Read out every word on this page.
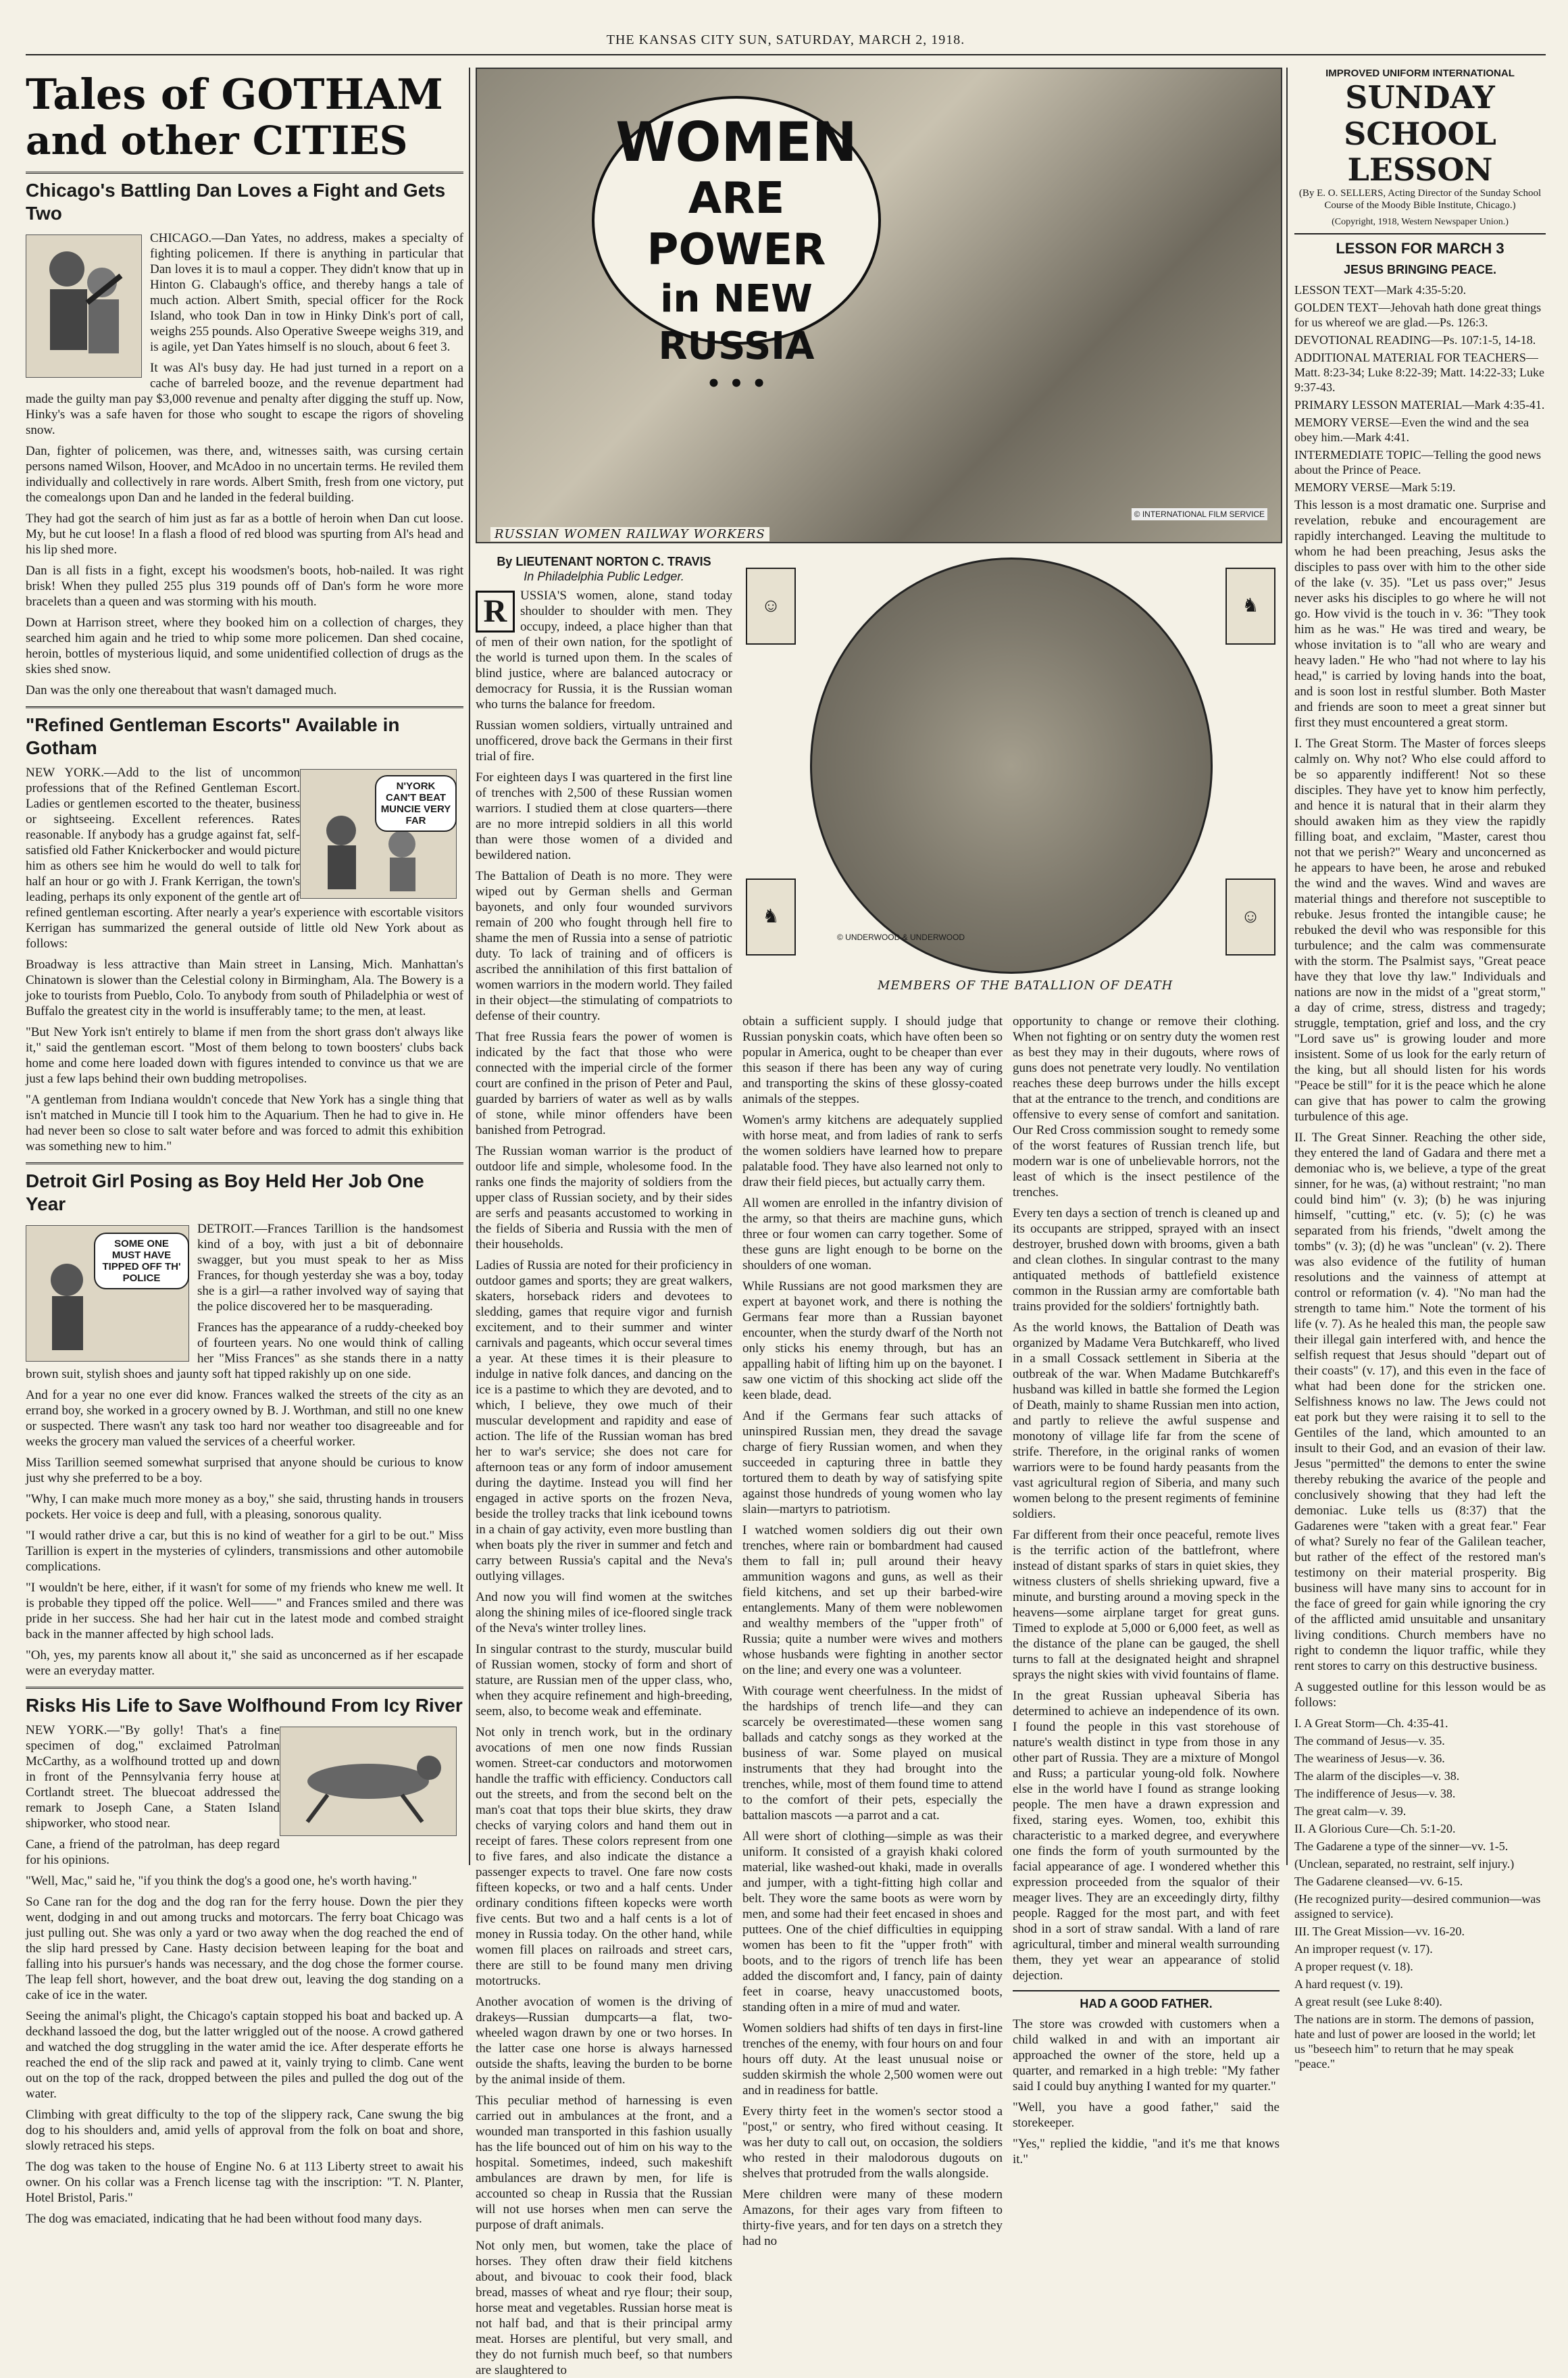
THE KANSAS CITY SUN, SATURDAY, MARCH 2, 1918.
Tales of GOTHAM
and other CITIES
Chicago's Battling Dan Loves a Fight and Gets Two

CHICAGO.—Dan Yates, no address, makes a specialty of fighting policemen. If there is anything in particular that Dan loves it is to maul a copper. They didn't know that up in Hinton G. Clabaugh's office, and thereby hangs a tale of much action. Albert Smith, special officer for the Rock Island, who took Dan in tow in Hinky Dink's port of call, weighs 255 pounds. Also Operative Sweepe weighs 319, and is agile, yet Dan Yates himself is no slouch, about 6 feet 3.

It was Al's busy day. He had just turned in a report on a cache of barreled booze, and the revenue department had made the guilty man pay $3,000 revenue and penalty after digging the stuff up. Now, Hinky's was a safe haven for those who sought to escape the rigors of shoveling snow.

Dan, fighter of policemen, was there, and, witnesses saith, was cursing certain persons named Wilson, Hoover, and McAdoo in no uncertain terms. He reviled them individually and collectively in rare words. Albert Smith, fresh from one victory, put the comealongs upon Dan and he landed in the federal building.

They had got the search of him just as far as a bottle of heroin when Dan cut loose. My, but he cut loose! In a flash a flood of red blood was spurting from Al's head and his lip shed more.

Dan is all fists in a fight, except his woodsmen's boots, hob-nailed. It was right brisk! When they pulled 255 plus 319 pounds off of Dan's form he wore more bracelets than a queen and was storming with his mouth.

Down at Harrison street, where they booked him on a collection of charges, they searched him again and he tried to whip some more policemen. Dan shed cocaine, heroin, bottles of mysterious liquid, and some unidentified collection of drugs as the skies shed snow.

Dan was the only one thereabout that wasn't damaged much.

"Refined Gentleman Escorts" Available in Gotham
N'YORK CAN'T BEAT MUNCIE VERY FAR

NEW YORK.—Add to the list of uncommon professions that of the Refined Gentleman Escort. Ladies or gentlemen escorted to the theater, business or sightseeing. Excellent references. Rates reasonable. If anybody has a grudge against fat, self-satisfied old Father Knickerbocker and would picture him as others see him he would do well to talk for half an hour or go with J. Frank Kerrigan, the town's leading, perhaps its only exponent of the gentle art of refined gentleman escorting. After nearly a year's experience with escortable visitors Kerrigan has summarized the general outside of little old New York about as follows:

Broadway is less attractive than Main street in Lansing, Mich. Manhattan's Chinatown is slower than the Celestial colony in Birmingham, Ala. The Bowery is a joke to tourists from Pueblo, Colo. To anybody from south of Philadelphia or west of Buffalo the greatest city in the world is insufferably tame; to the men, at least.

"But New York isn't entirely to blame if men from the short grass don't always like it," said the gentleman escort. "Most of them belong to town boosters' clubs back home and come here loaded down with figures intended to convince us that we are just a few laps behind their own budding metropolises.

"A gentleman from Indiana wouldn't concede that New York has a single thing that isn't matched in Muncie till I took him to the Aquarium. Then he had to give in. He had never been so close to salt water before and was forced to admit this exhibition was something new to him."

Detroit Girl Posing as Boy Held Her Job One Year
SOME ONE MUST HAVE TIPPED OFF TH' POLICE

DETROIT.—Frances Tarillion is the handsomest kind of a boy, with just a bit of debonnaire swagger, but you must speak to her as Miss Frances, for though yesterday she was a boy, today she is a girl—a rather involved way of saying that the police discovered her to be masquerading.

Frances has the appearance of a ruddy-cheeked boy of fourteen years. No one would think of calling her "Miss Frances" as she stands there in a natty brown suit, stylish shoes and jaunty soft hat tipped rakishly up on one side.

And for a year no one ever did know. Frances walked the streets of the city as an errand boy, she worked in a grocery owned by B. J. Worthman, and still no one knew or suspected. There wasn't any task too hard nor weather too disagreeable and for weeks the grocery man valued the services of a cheerful worker.

Miss Tarillion seemed somewhat surprised that anyone should be curious to know just why she preferred to be a boy.

"Why, I can make much more money as a boy," she said, thrusting hands in trousers pockets. Her voice is deep and full, with a pleasing, sonorous quality.

"I would rather drive a car, but this is no kind of weather for a girl to be out." Miss Tarillion is expert in the mysteries of cylinders, transmissions and other automobile complications.

"I wouldn't be here, either, if it wasn't for some of my friends who knew me well. It is probable they tipped off the police. Well——" and Frances smiled and there was pride in her success. She had her hair cut in the latest mode and combed straight back in the manner affected by high school lads.

"Oh, yes, my parents know all about it," she said as unconcerned as if her escapade were an everyday matter.

Risks His Life to Save Wolfhound From Icy River

NEW YORK.—"By golly! That's a fine specimen of dog," exclaimed Patrolman McCarthy, as a wolfhound trotted up and down in front of the Pennsylvania ferry house at Cortlandt street. The bluecoat addressed the remark to Joseph Cane, a Staten Island shipworker, who stood near.

Cane, a friend of the patrolman, has deep regard for his opinions.

"Well, Mac," said he, "if you think the dog's a good one, he's worth having."

So Cane ran for the dog and the dog ran for the ferry house. Down the pier they went, dodging in and out among trucks and motorcars. The ferry boat Chicago was just pulling out. She was only a yard or two away when the dog reached the end of the slip hard pressed by Cane. Hasty decision between leaping for the boat and falling into his pursuer's hands was necessary, and the dog chose the former course. The leap fell short, however, and the boat drew out, leaving the dog standing on a cake of ice in the water.

Seeing the animal's plight, the Chicago's captain stopped his boat and backed up. A deckhand lassoed the dog, but the latter wriggled out of the noose. A crowd gathered and watched the dog struggling in the water amid the ice. After desperate efforts he reached the end of the slip rack and pawed at it, vainly trying to climb. Cane went out on the top of the rack, dropped between the piles and pulled the dog out of the water.

Climbing with great difficulty to the top of the slippery rack, Cane swung the big dog to his shoulders and, amid yells of approval from the folk on boat and shore, slowly retraced his steps.

The dog was taken to the house of Engine No. 6 at 113 Liberty street to await his owner. On his collar was a French license tag with the inscription: "T. N. Planter, Hotel Bristol, Paris."

The dog was emaciated, indicating that he had been without food many days.

WOMEN
ARE POWER
in NEW RUSSIA
• • •
RUSSIAN WOMEN RAILWAY WORKERS
© INTERNATIONAL FILM SERVICE
By LIEUTENANT NORTON C. TRAVIS
In Philadelphia Public Ledger.
R	USSIA'S women, alone, stand today shoulder to shoulder with men. They occupy, indeed, a place higher than that of men of their own nation, for the spotlight of the world is turned upon them. In the scales of blind justice, where are balanced autocracy or democracy for Russia, it is the Russian woman who turns the balance for freedom.

Russian women soldiers, virtually untrained and unofficered, drove back the Germans in their first trial of fire.

For eighteen days I was quartered in the first line of trenches with 2,500 of these Russian women warriors. I studied them at close quarters—there are no more intrepid soldiers in all this world than were those women of a divided and bewildered nation.

The Battalion of Death is no more. They were wiped out by German shells and German bayonets, and only four wounded survivors remain of 200 who fought through hell fire to shame the men of Russia into a sense of patriotic duty. To lack of training and of officers is ascribed the annihilation of this first battalion of women warriors in the modern world. They failed in their object—the stimulating of compatriots to defense of their country.

That free Russia fears the power of women is indicated by the fact that those who were connected with the imperial circle of the former court are confined in the prison of Peter and Paul, guarded by barriers of water as well as by walls of stone, while minor offenders have been banished from Petrograd.

The Russian woman warrior is the product of outdoor life and simple, wholesome food. In the ranks one finds the majority of soldiers from the upper class of Russian society, and by their sides are serfs and peasants accustomed to working in the fields of Siberia and Russia with the men of their households.

Ladies of Russia are noted for their proficiency in outdoor games and sports; they are great walkers, skaters, horseback riders and devotees to sledding, games that require vigor and furnish excitement, and to their summer and winter carnivals and pageants, which occur several times a year. At these times it is their pleasure to indulge in native folk dances, and dancing on the ice is a pastime to which they are devoted, and to which, I believe, they owe much of their muscular development and rapidity and ease of action. The life of the Russian woman has bred her to war's service; she does not care for afternoon teas or any form of indoor amusement during the daytime. Instead you will find her engaged in active sports on the frozen Neva, beside the trolley tracks that link icebound towns in a chain of gay activity, even more bustling than when boats ply the river in summer and fetch and carry between Russia's capital and the Neva's outlying villages.

And now you will find women at the switches along the shining miles of ice-floored single track of the Neva's winter trolley lines.

In singular contrast to the sturdy, muscular build of Russian women, stocky of form and short of stature, are Russian men of the upper class, who, when they acquire refinement and high-breeding, seem, also, to become weak and effeminate.

Not only in trench work, but in the ordinary avocations of men one now finds Russian women. Street-car conductors and motorwomen handle the traffic with efficiency. Conductors call out the streets, and from the second belt on the man's coat that tops their blue skirts, they draw checks of varying colors and hand them out in receipt of fares. These colors represent from one to five fares, and also indicate the distance a passenger expects to travel. One fare now costs fifteen kopecks, or two and a half cents. Under ordinary conditions fifteen kopecks were worth five cents. But two and a half cents is a lot of money in Russia today. On the other hand, while women fill places on railroads and street cars, there are still to be found many men driving motortrucks.

Another avocation of women is the driving of drakeys—Russian dumpcarts—a flat, two-wheeled wagon drawn by one or two horses. In the latter case one horse is always harnessed outside the shafts, leaving the burden to be borne by the animal inside of them.

This peculiar method of harnessing is even carried out in ambulances at the front, and a wounded man transported in this fashion usually has the life bounced out of him on his way to the hospital. Sometimes, indeed, such makeshift ambulances are drawn by men, for life is accounted so cheap in Russia that the Russian will not use horses when men can serve the purpose of draft animals.

Not only men, but women, take the place of horses. They often draw their field kitchens about, and bivouac to cook their food, black bread, masses of wheat and rye flour; their soup, horse meat and vegetables. Russian horse meat is not half bad, and that is their principal army meat. Horses are plentiful, but very small, and they do not furnish much beef, so that numbers are slaughtered to

☺	♞
♞	☺
MEMBERS OF THE BATALLION OF DEATH
© UNDERWOOD & UNDERWOOD

obtain a sufficient supply. I should judge that Russian ponyskin coats, which have often been so popular in America, ought to be cheaper than ever this season if there has been any way of curing and transporting the skins of these glossy-coated animals of the steppes.

Women's army kitchens are adequately supplied with horse meat, and from ladies of rank to serfs the women soldiers have learned how to prepare palatable food. They have also learned not only to draw their field pieces, but actually carry them.

All women are enrolled in the infantry division of the army, so that theirs are machine guns, which three or four women can carry together. Some of these guns are light enough to be borne on the shoulders of one woman.

While Russians are not good marksmen they are expert at bayonet work, and there is nothing the Germans fear more than a Russian bayonet encounter, when the sturdy dwarf of the North not only sticks his enemy through, but has an appalling habit of lifting him up on the bayonet. I saw one victim of this shocking act slide off the keen blade, dead.

And if the Germans fear such attacks of uninspired Russian men, they dread the savage charge of fiery Russian women, and when they succeeded in capturing three in battle they tortured them to death by way of satisfying spite against those hundreds of young women who lay slain—martyrs to patriotism.

I watched women soldiers dig out their own trenches, where rain or bombardment had caused them to fall in; pull around their heavy ammunition wagons and guns, as well as their field kitchens, and set up their barbed-wire entanglements. Many of them were noblewomen and wealthy members of the "upper froth" of Russia; quite a number were wives and mothers whose husbands were fighting in another sector on the line; and every one was a volunteer.

With courage went cheerfulness. In the midst of the hardships of trench life—and they can scarcely be overestimated—these women sang ballads and catchy songs as they worked at the business of war. Some played on musical instruments that they had brought into the trenches, while, most of them found time to attend to the comfort of their pets, especially the battalion mascots —a parrot and a cat.

All were short of clothing—simple as was their uniform. It consisted of a grayish khaki colored material, like washed-out khaki, made in overalls and jumper, with a tight-fitting high collar and belt. They wore the same boots as were worn by men, and some had their feet encased in shoes and puttees. One of the chief difficulties in equipping women has been to fit the "upper froth" with boots, and to the rigors of trench life has been added the discomfort and, I fancy, pain of dainty feet in coarse, heavy unaccustomed boots, standing often in a mire of mud and water.

Women soldiers had shifts of ten days in first-line trenches of the enemy, with four hours on and four hours off duty. At the least unusual noise or sudden skirmish the whole 2,500 women were out and in readiness for battle.

Every thirty feet in the women's sector stood a "post," or sentry, who fired without ceasing. It was her duty to call out, on occasion, the soldiers who rested in their malodorous dugouts on shelves that protruded from the walls alongside.

Mere children were many of these modern Amazons, for their ages vary from fifteen to thirty-five years, and for ten days on a stretch they had no

opportunity to change or remove their clothing. When not fighting or on sentry duty the women rest as best they may in their dugouts, where rows of guns does not penetrate very loudly. No ventilation reaches these deep burrows under the hills except that at the entrance to the trench, and conditions are offensive to every sense of comfort and sanitation. Our Red Cross commission sought to remedy some of the worst features of Russian trench life, but modern war is one of unbelievable horrors, not the least of which is the insect pestilence of the trenches.

Every ten days a section of trench is cleaned up and its occupants are stripped, sprayed with an insect destroyer, brushed down with brooms, given a bath and clean clothes. In singular contrast to the many antiquated methods of battlefield existence common in the Russian army are comfortable bath trains provided for the soldiers' fortnightly bath.

As the world knows, the Battalion of Death was organized by Madame Vera Butchkareff, who lived in a small Cossack settlement in Siberia at the outbreak of the war. When Madame Butchkareff's husband was killed in battle she formed the Legion of Death, mainly to shame Russian men into action, and partly to relieve the awful suspense and monotony of village life far from the scene of strife. Therefore, in the original ranks of women warriors were to be found hardy peasants from the vast agricultural region of Siberia, and many such women belong to the present regiments of feminine soldiers.

Far different from their once peaceful, remote lives is the terrific action of the battlefront, where instead of distant sparks of stars in quiet skies, they witness clusters of shells shrieking upward, five a minute, and bursting around a moving speck in the heavens—some airplane target for great guns. Timed to explode at 5,000 or 6,000 feet, as well as the distance of the plane can be gauged, the shell turns to fall at the designated height and shrapnel sprays the night skies with vivid fountains of flame.

In the great Russian upheaval Siberia has determined to achieve an independence of its own. I found the people in this vast storehouse of nature's wealth distinct in type from those in any other part of Russia. They are a mixture of Mongol and Russ; a particular young-old folk. Nowhere else in the world have I found as strange looking people. The men have a drawn expression and fixed, staring eyes. Women, too, exhibit this characteristic to a marked degree, and everywhere one finds the form of youth surmounted by the facial appearance of age. I wondered whether this expression proceeded from the squalor of their meager lives. They are an exceedingly dirty, filthy people. Ragged for the most part, and with feet shod in a sort of straw sandal. With a land of rare agricultural, timber and mineral wealth surrounding them, they yet wear an appearance of stolid dejection.

HAD A GOOD FATHER.

The store was crowded with customers when a child walked in and with an important air approached the owner of the store, held up a quarter, and remarked in a high treble: "My father said I could buy anything I wanted for my quarter."

"Well, you have a good father," said the storekeeper.

"Yes," replied the kiddie, "and it's me that knows it."

IMPROVED UNIFORM INTERNATIONAL
SUNDAY SCHOOL
LESSON

(By E. O. SELLERS, Acting Director of the Sunday School Course of the Moody Bible Institute, Chicago.)

(Copyright, 1918, Western Newspaper Union.)

LESSON FOR MARCH 3
JESUS BRINGING PEACE.

LESSON TEXT—Mark 4:35-5:20.

GOLDEN TEXT—Jehovah hath done great things for us whereof we are glad.—Ps. 126:3.

DEVOTIONAL READING—Ps. 107:1-5, 14-18.

ADDITIONAL MATERIAL FOR TEACHERS—Matt. 8:23-34; Luke 8:22-39; Matt. 14:22-33; Luke 9:37-43.

PRIMARY LESSON MATERIAL—Mark 4:35-41.

MEMORY VERSE—Even the wind and the sea obey him.—Mark 4:41.

INTERMEDIATE TOPIC—Telling the good news about the Prince of Peace.

MEMORY VERSE—Mark 5:19.

This lesson is a most dramatic one. Surprise and revelation, rebuke and encouragement are rapidly interchanged. Leaving the multitude to whom he had been preaching, Jesus asks the disciples to pass over with him to the other side of the lake (v. 35). "Let us pass over;" Jesus never asks his disciples to go where he will not go. How vivid is the touch in v. 36: "They took him as he was." He was tired and weary, be whose invitation is to "all who are weary and heavy laden." He who "had not where to lay his head," is carried by loving hands into the boat, and is soon lost in restful slumber. Both Master and friends are soon to meet a great sinner but first they must encountered a great storm.

I. The Great Storm. The Master of forces sleeps calmly on. Why not? Who else could afford to be so apparently indifferent! Not so these disciples. They have yet to know him perfectly, and hence it is natural that in their alarm they should awaken him as they view the rapidly filling boat, and exclaim, "Master, carest thou not that we perish?" Weary and unconcerned as he appears to have been, he arose and rebuked the wind and the waves. Wind and waves are material things and therefore not susceptible to rebuke. Jesus fronted the intangible cause; he rebuked the devil who was responsible for this turbulence; and the calm was commensurate with the storm. The Psalmist says, "Great peace have they that love thy law." Individuals and nations are now in the midst of a "great storm," a day of crime, stress, distress and tragedy; struggle, temptation, grief and loss, and the cry "Lord save us" is growing louder and more insistent. Some of us look for the early return of the king, but all should listen for his words "Peace be still" for it is the peace which he alone can give that has power to calm the growing turbulence of this age.

II. The Great Sinner. Reaching the other side, they entered the land of Gadara and there met a demoniac who is, we believe, a type of the great sinner, for he was, (a) without restraint; "no man could bind him" (v. 3); (b) he was injuring himself, "cutting," etc. (v. 5); (c) he was separated from his friends, "dwelt among the tombs" (v. 3); (d) he was "unclean" (v. 2). There was also evidence of the futility of human resolutions and the vainness of attempt at control or reformation (v. 4). "No man had the strength to tame him." Note the torment of his life (v. 7). As he healed this man, the people saw their illegal gain interfered with, and hence the selfish request that Jesus should "depart out of their coasts" (v. 17), and this even in the face of what had been done for the stricken one. Selfishness knows no law. The Jews could not eat pork but they were raising it to sell to the Gentiles of the land, which amounted to an insult to their God, and an evasion of their law. Jesus "permitted" the demons to enter the swine thereby rebuking the avarice of the people and conclusively showing that they had left the demoniac. Luke tells us (8:37) that the Gadarenes were "taken with a great fear." Fear of what? Surely no fear of the Galilean teacher, but rather of the effect of the restored man's testimony on their material prosperity. Big business will have many sins to account for in the face of greed for gain while ignoring the cry of the afflicted amid unsuitable and unsanitary living conditions. Church members have no right to condemn the liquor traffic, while they rent stores to carry on this destructive business.

A suggested outline for this lesson would be as follows:

I. A Great Storm—Ch. 4:35-41.

The command of Jesus—v. 35.

The weariness of Jesus—v. 36.

The alarm of the disciples—v. 38.

The indifference of Jesus—v. 38.

The great calm—v. 39.

II. A Glorious Cure—Ch. 5:1-20.

The Gadarene a type of the sinner—vv. 1-5.

(Unclean, separated, no restraint, self injury.)

The Gadarene cleansed—vv. 6-15.

(He recognized purity—desired communion—was assigned to service).

III. The Great Mission—vv. 16-20.

An improper request (v. 17).

A proper request (v. 18).

A hard request (v. 19).

A great result (see Luke 8:40).

The nations are in storm. The demons of passion, hate and lust of power are loosed in the world; let us "beseech him" to return that he may speak "peace."
